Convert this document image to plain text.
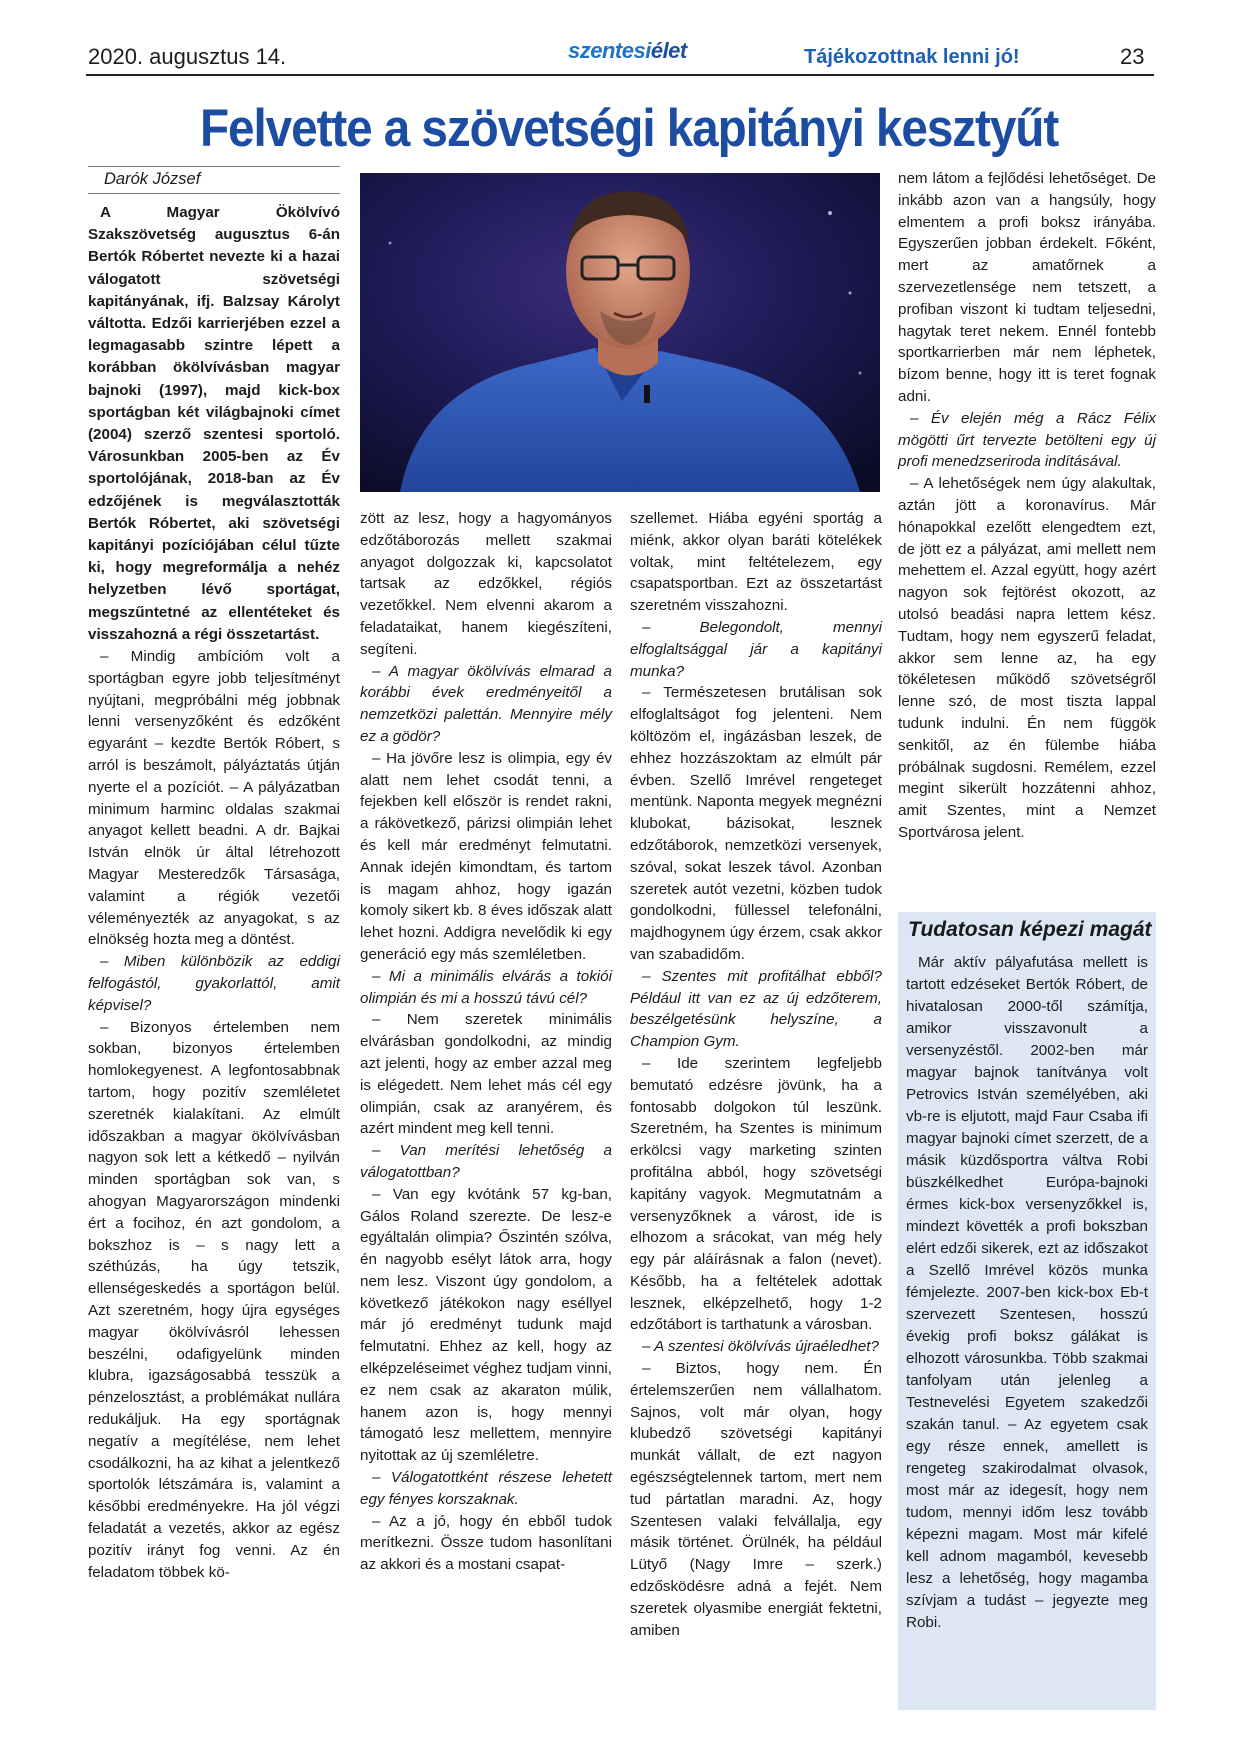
2020. augusztus 14.	szentesiélet	Tájékozottnak lenni jó!	23
Felvette a szövetségi kapitányi kesztyűt
Darók József

A Magyar Ökölvívó Szakszövetség augusztus 6-án Bertók Róbertet nevezte ki a hazai válogatott szövetségi kapitányának, ifj. Balzsay Károlyt váltotta. Edzői karrierjében ezzel a legmagasabb szintre lépett a korábban ökölvívásban magyar bajnoki (1997), majd kick-box sportágban két világbajnoki címet (2004) szerző szentesi sportoló. Városunkban 2005-ben az Év sportolójának, 2018-ban az Év edzőjének is megválasztották Bertók Róbertet, aki szövetségi kapitányi pozíciójában célul tűzte ki, hogy megreformálja a nehéz helyzetben lévő sportágat, megszűntetné az ellentéteket és visszahozná a régi összetartást.

– Mindig ambícióm volt a sportágban egyre jobb teljesítményt nyújtani, megpróbálni még jobbnak lenni versenyzőként és edzőként egyaránt – kezdte Bertók Róbert, s arról is beszámolt, pályáztatás útján nyerte el a pozíciót. – A pályázatban minimum harminc oldalas szakmai anyagot kellett beadni. A dr. Bajkai István elnök úr által létrehozott Magyar Mesteredzők Társasága, valamint a régiók vezetői véleményezték az anyagokat, s az elnökség hozta meg a döntést.

– Miben különbözik az eddigi felfogástól, gyakorlattól, amit képvisel?

– Bizonyos értelemben nem sokban, bizonyos értelemben homlokegyenest. A legfontosabbnak tartom, hogy pozitív szemléletet szeretnék kialakítani. Az elmúlt időszakban a magyar ökölvívásban nagyon sok lett a kétkedő – nyilván minden sportágban sok van, s ahogyan Magyarországon mindenki ért a focihoz, én azt gondolom, a bokszhoz is – s nagy lett a széthúzás, ha úgy tetszik, ellenségeskedés a sportágon belül. Azt szeretném, hogy újra egységes magyar ökölvívásról lehessen beszélni, odafigyelünk minden klubra, igazságosabbá tesszük a pénzelosztást, a problémákat nullára redukáljuk. Ha egy sportágnak negatív a megítélése, nem lehet csodálkozni, ha az kihat a jelentkező sportolók létszámára is, valamint a későbbi eredményekre. Ha jól végzi feladatát a vezetés, akkor az egész pozitív irányt fog venni. Az én feladatom többek kö-

zött az lesz, hogy a hagyományos edzőtáborozás mellett szakmai anyagot dolgozzak ki, kapcsolatot tartsak az edzőkkel, régiós vezetőkkel. Nem elvenni akarom a feladataikat, hanem kiegészíteni, segíteni.

– A magyar ökölvívás elmarad a korábbi évek eredményeitől a nemzetközi palettán. Mennyire mély ez a gödör?

– Ha jövőre lesz is olimpia, egy év alatt nem lehet csodát tenni, a fejekben kell először is rendet rakni, a rákövetkező, párizsi olimpián lehet és kell már eredményt felmutatni. Annak idején kimondtam, és tartom is magam ahhoz, hogy igazán komoly sikert kb. 8 éves időszak alatt lehet hozni. Addigra nevelődik ki egy generáció egy más szemléletben.

– Mi a minimális elvárás a tokiói olimpián és mi a hosszú távú cél?

– Nem szeretek minimális elvárásban gondolkodni, az mindig azt jelenti, hogy az ember azzal meg is elégedett. Nem lehet más cél egy olimpián, csak az aranyérem, és azért mindent meg kell tenni.

– Van merítési lehetőség a válogatottban?

– Van egy kvótánk 57 kg-ban, Gálos Roland szerezte. De lesz-e egyáltalán olimpia? Őszintén szólva, én nagyobb esélyt látok arra, hogy nem lesz. Viszont úgy gondolom, a következő játékokon nagy eséllyel már jó eredményt tudunk majd felmutatni. Ehhez az kell, hogy az elképzeléseimet véghez tudjam vinni, ez nem csak az akaraton múlik, hanem azon is, hogy mennyi támogató lesz mellettem, mennyire nyitottak az új szemléletre.

– Válogatottként részese lehetett egy fényes korszaknak.

– Az a jó, hogy én ebből tudok merítkezni. Össze tudom hasonlítani az akkori és a mostani csapat-

szellemet. Hiába egyéni sportág a miénk, akkor olyan baráti kötelékek voltak, mint feltételezem, egy csapatsportban. Ezt az összetartást szeretném visszahozni.

– Belegondolt, mennyi elfoglaltsággal jár a kapitányi munka?

– Természetesen brutálisan sok elfoglaltságot fog jelenteni. Nem költözöm el, ingázásban leszek, de ehhez hozzászoktam az elmúlt pár évben. Szellő Imrével rengeteget mentünk. Naponta megyek megnézni klubokat, bázisokat, lesznek edzőtáborok, nemzetközi versenyek, szóval, sokat leszek távol. Azonban szeretek autót vezetni, közben tudok gondolkodni, füllessel telefonálni, majdhogynem úgy érzem, csak akkor van szabadidőm.

– Szentes mit profitálhat ebből? Például itt van ez az új edzőterem, beszélgetésünk helyszíne, a Champion Gym.

– Ide szerintem legfeljebb bemutató edzésre jövünk, ha a fontosabb dolgokon túl leszünk. Szeretném, ha Szentes is minimum erkölcsi vagy marketing szinten profitálna abból, hogy szövetségi kapitány vagyok. Megmutatnám a versenyzőknek a várost, ide is elhozom a srácokat, van még hely egy pár aláírásnak a falon (nevet). Később, ha a feltételek adottak lesznek, elképzelhető, hogy 1-2 edzőtábort is tarthatunk a városban.

– A szentesi ökölvívás újraéledhet?

– Biztos, hogy nem. Én értelemszerűen nem vállalhatom. Sajnos, volt már olyan, hogy klubedző szövetségi kapitányi munkát vállalt, de ezt nagyon egészségtelennek tartom, mert nem tud pártatlan maradni. Az, hogy Szentesen valaki felvállalja, egy másik történet. Örülnék, ha például Lütyő (Nagy Imre – szerk.) edzősködésre adná a fejét. Nem szeretek olyasmibe energiát fektetni, amiben

nem látom a fejlődési lehetőséget. De inkább azon van a hangsúly, hogy elmentem a profi boksz irányába. Egyszerűen jobban érdekelt. Főként, mert az amatőrnek a szervezetlensége nem tetszett, a profiban viszont ki tudtam teljesedni, hagytak teret nekem. Ennél fontebb sportkarrierben már nem léphetek, bízom benne, hogy itt is teret fognak adni.

– Év elején még a Rácz Félix mögötti űrt tervezte betölteni egy új profi menedzseriroda indításával.

– A lehetőségek nem úgy alakultak, aztán jött a koronavírus. Már hónapokkal ezelőtt elengedtem ezt, de jött ez a pályázat, ami mellett nem mehettem el. Azzal együtt, hogy azért nagyon sok fejtörést okozott, az utolsó beadási napra lettem kész. Tudtam, hogy nem egyszerű feladat, akkor sem lenne az, ha egy tökéletesen működő szövetségről lenne szó, de most tiszta lappal tudunk indulni. Én nem függök senkitől, az én fülembe hiába próbálnak sugdosni. Remélem, ezzel megint sikerült hozzátenni ahhoz, amit Szentes, mint a Nemzet Sportvárosa jelent.

Tudatosan képezi magát

Már aktív pályafutása mellett is tartott edzéseket Bertók Róbert, de hivatalosan 2000-től számítja, amikor visszavonult a versenyzéstől. 2002-ben már magyar bajnok tanítványa volt Petrovics István személyében, aki vb-re is eljutott, majd Faur Csaba ifi magyar bajnoki címet szerzett, de a másik küzdősportra váltva Robi büszkélkedhet Európa-bajnoki érmes kick-box versenyzőkkel is, mindezt követték a profi bokszban elért edzői sikerek, ezt az időszakot a Szellő Imrével közös munka fémjelezte. 2007-ben kick-box Eb-t szervezett Szentesen, hosszú évekig profi boksz gálákat is elhozott városunkba. Több szakmai tanfolyam után jelenleg a Testnevelési Egyetem szakedzői szakán tanul. – Az egyetem csak egy része ennek, amellett is rengeteg szakirodalmat olvasok, most már az idegesít, hogy nem tudom, mennyi időm lesz tovább képezni magam. Most már kifelé kell adnom magamból, kevesebb lesz a lehetőség, hogy magamba szívjam a tudást – jegyezte meg Robi.
